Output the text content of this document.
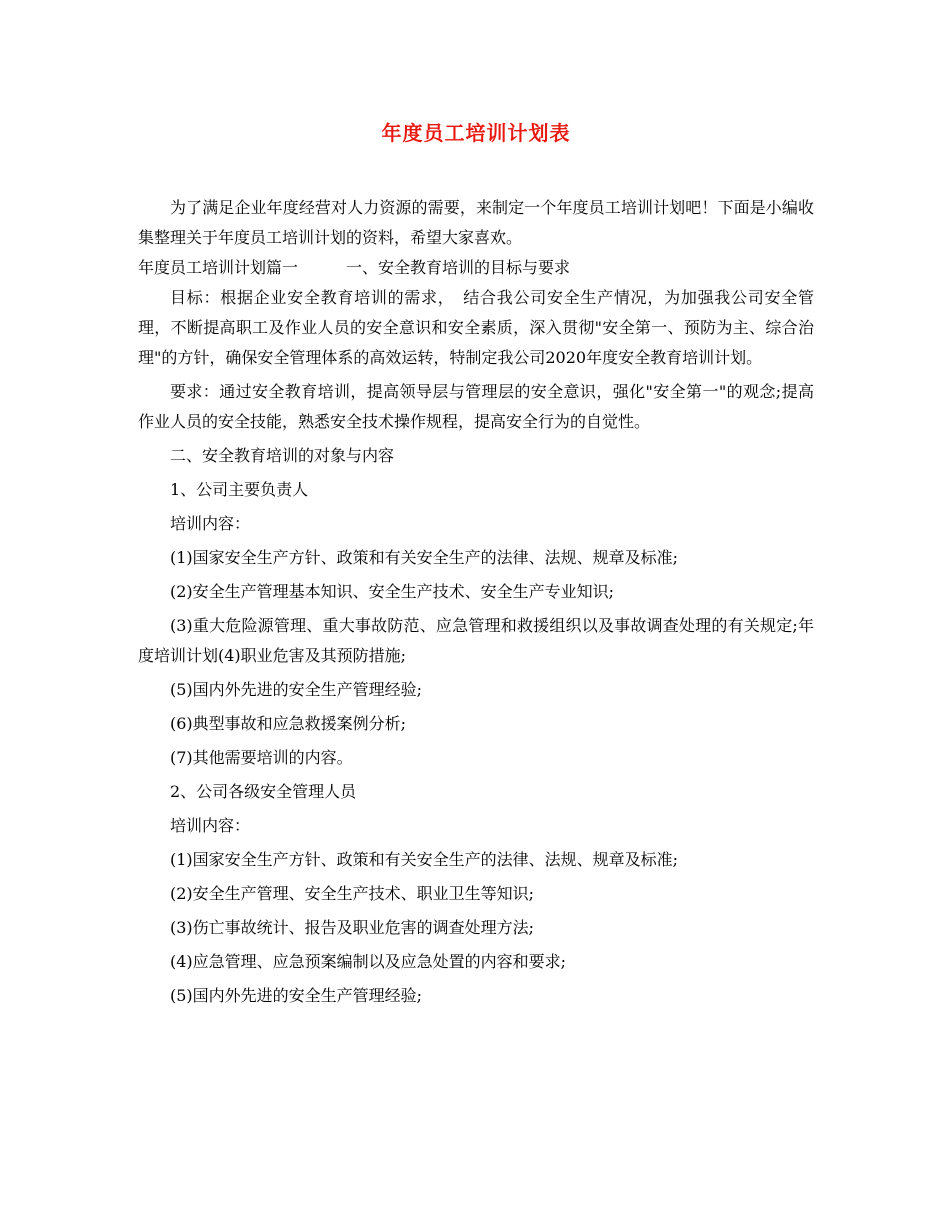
年度员工培训计划表

为了满足企业年度经营对人力资源的需要，来制定一个年度员工培训计划吧！下面是小编收集整理关于年度员工培训计划的资料，希望大家喜欢。

年度员工培训计划篇一　　　一、安全教育培训的目标与要求

目标：根据企业安全教育培训的需求，　结合我公司安全生产情况，为加强我公司安全管理，不断提高职工及作业人员的安全意识和安全素质，深入贯彻"安全第一、预防为主、综合治理"的方针，确保安全管理体系的高效运转，特制定我公司2020年度安全教育培训计划。

要求：通过安全教育培训，提高领导层与管理层的安全意识，强化"安全第一"的观念;提高作业人员的安全技能，熟悉安全技术操作规程，提高安全行为的自觉性。

二、安全教育培训的对象与内容

1、公司主要负责人

培训内容：

(1)国家安全生产方针、政策和有关安全生产的法律、法规、规章及标准;

(2)安全生产管理基本知识、安全生产技术、安全生产专业知识;

(3)重大危险源管理、重大事故防范、应急管理和救援组织以及事故调查处理的有关规定;年度培训计划(4)职业危害及其预防措施;

(5)国内外先进的安全生产管理经验;

(6)典型事故和应急救援案例分析;

(7)其他需要培训的内容。

2、公司各级安全管理人员

培训内容：

(1)国家安全生产方针、政策和有关安全生产的法律、法规、规章及标准;

(2)安全生产管理、安全生产技术、职业卫生等知识;

(3)伤亡事故统计、报告及职业危害的调查处理方法;

(4)应急管理、应急预案编制以及应急处置的内容和要求;

(5)国内外先进的安全生产管理经验;
